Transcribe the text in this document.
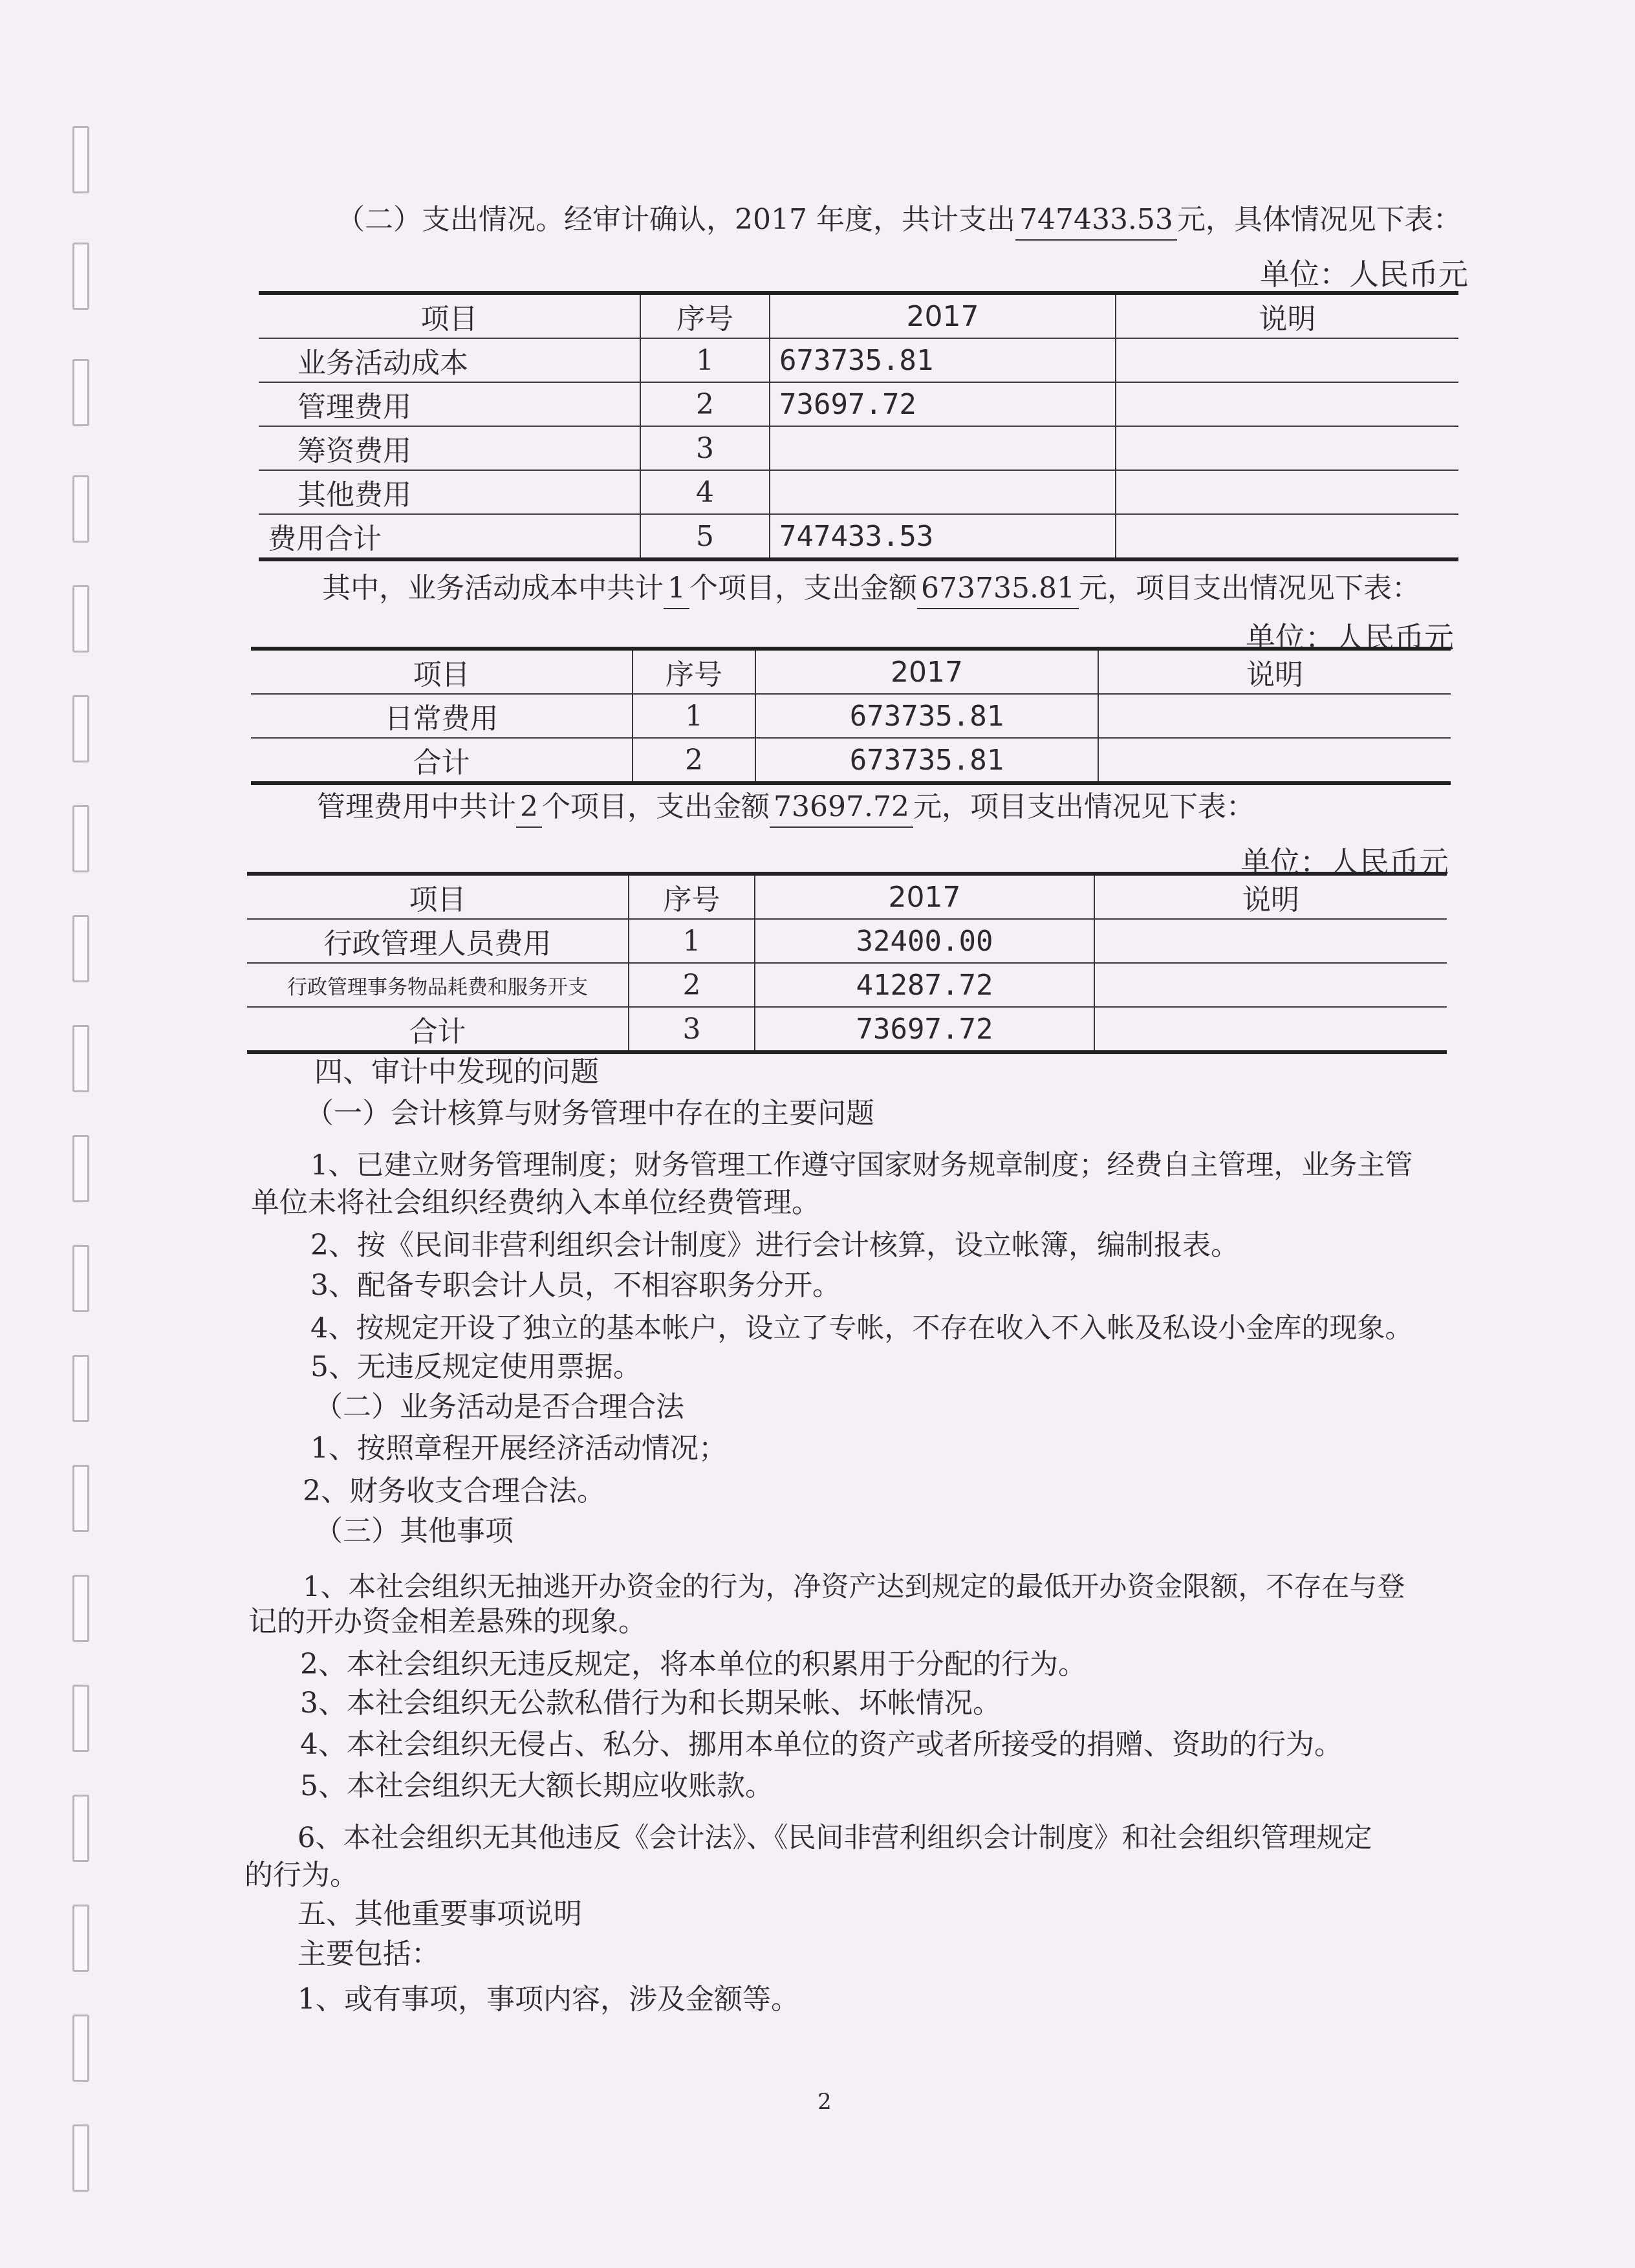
（二）支出情况。经审计确认，2017 年度，共计支出 747433.53 元，具体情况见下表：
单位：人民币元
项目	序号	2017	说明
业务活动成本	1	673735.81	
管理费用	2	73697.72	
筹资费用	3		
其他费用	4		
费用合计	5	747433.53	
其中，业务活动成本中共计 1 个项目，支出金额 673735.81 元，项目支出情况见下表：
单位：人民币元
项目	序号	2017	说明
日常费用	1	673735.81	
合计	2	673735.81	
管理费用中共计 2 个项目，支出金额 73697.72 元，项目支出情况见下表：
单位：人民币元
项目	序号	2017	说明
行政管理人员费用	1	32400.00	
行政管理事务物品耗费和服务开支	2	41287.72	
合计	3	73697.72	
四、审计中发现的问题
（一）会计核算与财务管理中存在的主要问题
1、已建立财务管理制度；财务管理工作遵守国家财务规章制度；经费自主管理，业务主管
单位未将社会组织经费纳入本单位经费管理。
2、按《民间非营利组织会计制度》进行会计核算，设立帐簿，编制报表。
3、配备专职会计人员，不相容职务分开。
4、按规定开设了独立的基本帐户，设立了专帐，不存在收入不入帐及私设小金库的现象。
5、无违反规定使用票据。
（二）业务活动是否合理合法
1、按照章程开展经济活动情况；
2、财务收支合理合法。
（三）其他事项
1、本社会组织无抽逃开办资金的行为，净资产达到规定的最低开办资金限额，不存在与登
记的开办资金相差悬殊的现象。
2、本社会组织无违反规定，将本单位的积累用于分配的行为。
3、本社会组织无公款私借行为和长期呆帐、坏帐情况。
4、本社会组织无侵占、私分、挪用本单位的资产或者所接受的捐赠、资助的行为。
5、本社会组织无大额长期应收账款。
6、本社会组织无其他违反《会计法》、《民间非营利组织会计制度》和社会组织管理规定
的行为。
五、其他重要事项说明
主要包括：
1、或有事项，事项内容，涉及金额等。
2
